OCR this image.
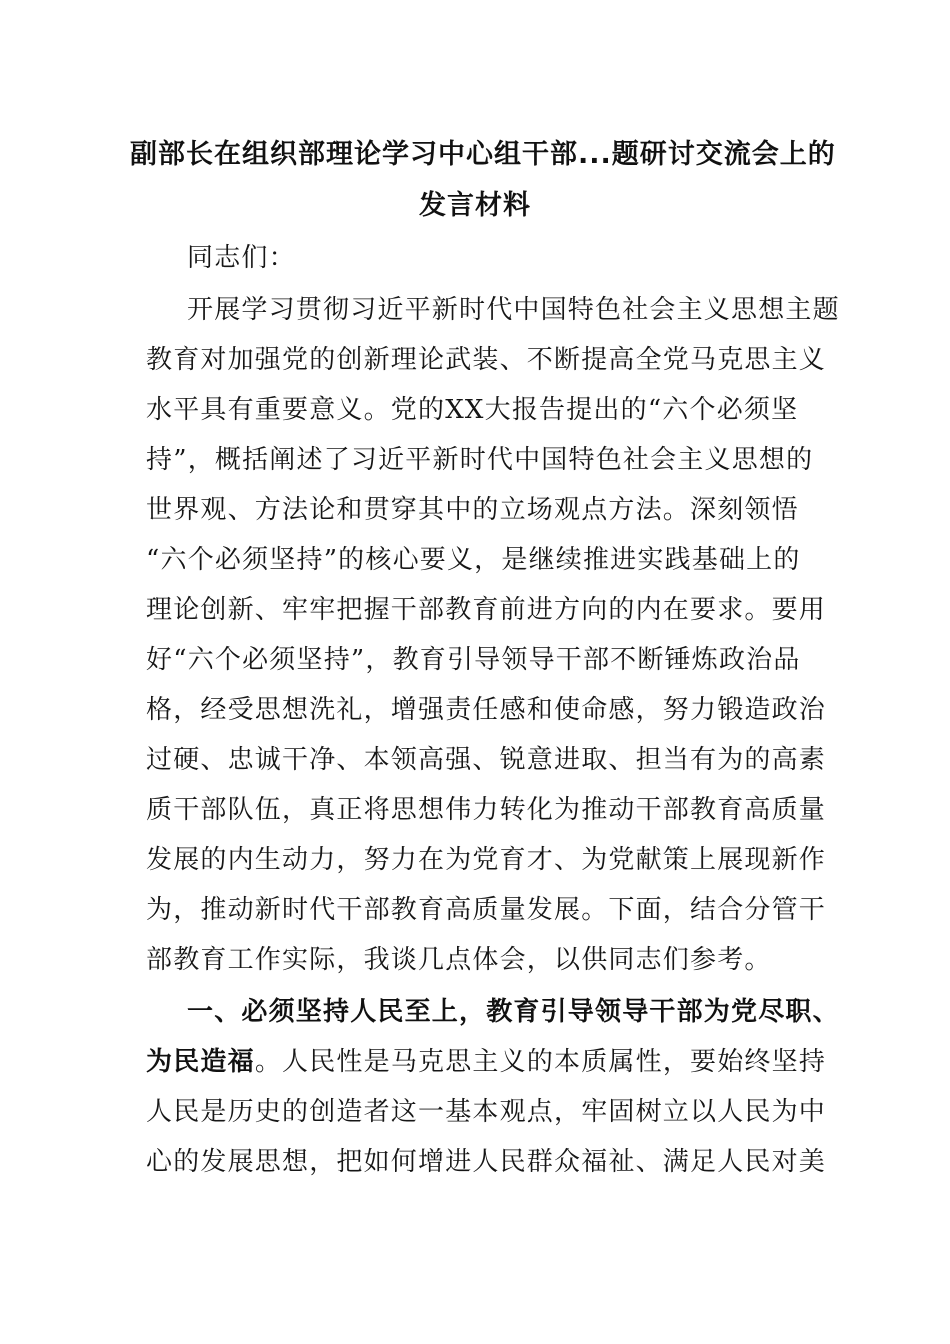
副部长在组织部理论学习中心组干部...题研讨交流会上的
发言材料
同志们：
开展学习贯彻习近平新时代中国特色社会主义思想主题
教育对加强党的创新理论武装、不断提高全党马克思主义
水平具有重要意义。党的XX大报告提出的“六个必须坚
持”，概括阐述了习近平新时代中国特色社会主义思想的
世界观、方法论和贯穿其中的立场观点方法。深刻领悟
“六个必须坚持”的核心要义，是继续推进实践基础上的
理论创新、牢牢把握干部教育前进方向的内在要求。要用
好“六个必须坚持”，教育引导领导干部不断锤炼政治品
格，经受思想洗礼，增强责任感和使命感，努力锻造政治
过硬、忠诚干净、本领高强、锐意进取、担当有为的高素
质干部队伍，真正将思想伟力转化为推动干部教育高质量
发展的内生动力，努力在为党育才、为党献策上展现新作
为，推动新时代干部教育高质量发展。下面，结合分管干
部教育工作实际，我谈几点体会，以供同志们参考。
一、必须坚持人民至上，教育引导领导干部为党尽职、
为民造福。人民性是马克思主义的本质属性，要始终坚持
人民是历史的创造者这一基本观点，牢固树立以人民为中
心的发展思想，把如何增进人民群众福祉、满足人民对美
